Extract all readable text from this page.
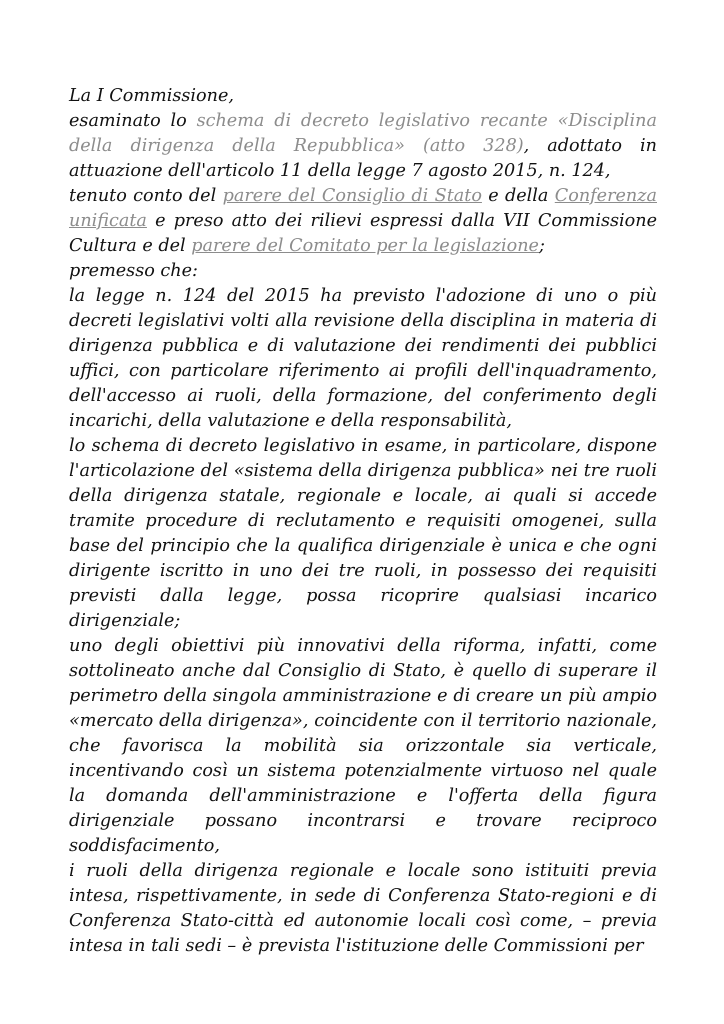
La I Commissione,

esaminato lo schema di decreto legislativo recante «Disciplina della dirigenza della Repubblica» (atto 328), adottato in attuazione dell'articolo 11 della legge 7 agosto 2015, n. 124,

tenuto conto del parere del Consiglio di Stato e della Conferenza unificata e preso atto dei rilievi espressi dalla VII Commissione Cultura e del parere del Comitato per la legislazione;

premesso che:

la legge n. 124 del 2015 ha previsto l'adozione di uno o più decreti legislativi volti alla revisione della disciplina in materia di dirigenza pubblica e di valutazione dei rendimenti dei pubblici uffici, con particolare riferimento ai profili dell'inquadramento, dell'accesso ai ruoli, della formazione, del conferimento degli incarichi, della valutazione e della responsabilità,

lo schema di decreto legislativo in esame, in particolare, dispone l'articolazione del «sistema della dirigenza pubblica» nei tre ruoli della dirigenza statale, regionale e locale, ai quali si accede tramite procedure di reclutamento e requisiti omogenei, sulla base del principio che la qualifica dirigenziale è unica e che ogni dirigente iscritto in uno dei tre ruoli, in possesso dei requisiti previsti dalla legge, possa ricoprire qualsiasi incarico dirigenziale;

uno degli obiettivi più innovativi della riforma, infatti, come sottolineato anche dal Consiglio di Stato, è quello di superare il perimetro della singola amministrazione e di creare un più ampio «mercato della dirigenza», coincidente con il territorio nazionale, che favorisca la mobilità sia orizzontale sia verticale, incentivando così un sistema potenzialmente virtuoso nel quale la domanda dell'amministrazione e l'offerta della figura dirigenziale possano incontrarsi e trovare reciproco soddisfacimento,

i ruoli della dirigenza regionale e locale sono istituiti previa intesa, rispettivamente, in sede di Conferenza Stato-regioni e di Conferenza Stato-città ed autonomie locali così come, – previa intesa in tali sedi – è prevista l'istituzione delle Commissioni per
